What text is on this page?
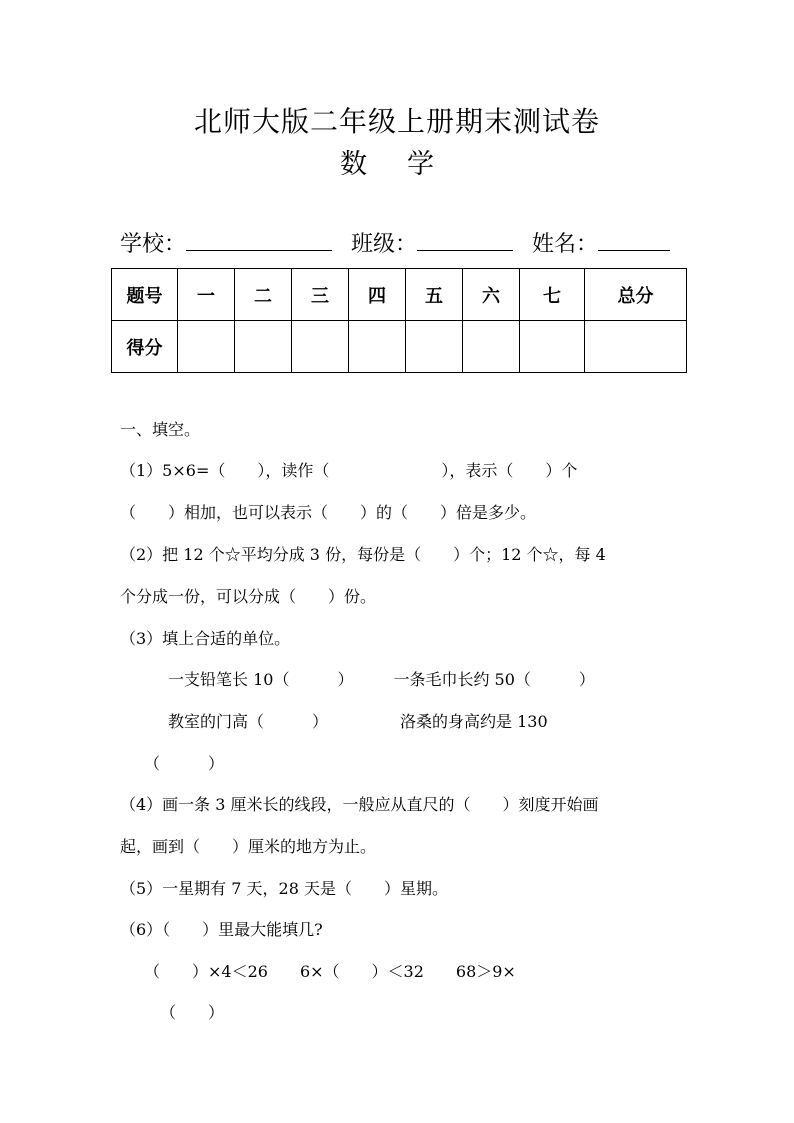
北师大版二年级上册期末测试卷
数学
学校：	班级：	姓名：
题号	一	二	三	四	五	六	七	总分
得分								
一、填空。
（1）5×6=（　　），读作（　　　　　　　），表示（　　）个
（　　）相加，也可以表示（　　）的（　　）倍是多少。
（2）把 12 个☆平均分成 3 份，每份是（　　）个；12 个☆，每 4
个分成一份，可以分成（　　）份。
（3）填上合适的单位。
　　　一支铅笔长 10（　　　）　　　一条毛巾长约 50（　　　）
　　　教室的门高（　　　）　　　　　洛桑的身高约是 130
　　（　　　）
（4）画一条 3 厘米长的线段，一般应从直尺的（　　）刻度开始画
起，画到（　　）厘米的地方为止。
（5）一星期有 7 天，28 天是（　　）星期。
（6）（　　）里最大能填几?
　　（　　）×4＜26　　6×（　　）＜32　　68＞9×
　　　（　　）
